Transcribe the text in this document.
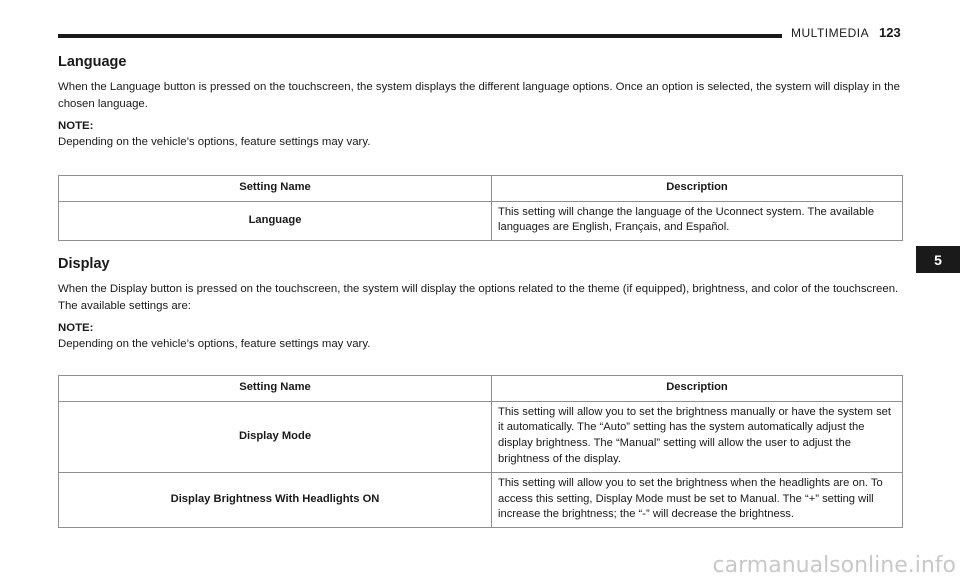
MULTIMEDIA 123
Language

When the Language button is pressed on the touchscreen, the system displays the different language options. Once an option is selected, the system will display in the chosen language.

NOTE:

Depending on the vehicle’s options, feature settings may vary.

Setting Name	Description
Language	This setting will change the language of the Uconnect system. The available languages are English, Français, and Español.
Display

When the Display button is pressed on the touchscreen, the system will display the options related to the theme (if equipped), brightness, and color of the touchscreen. The available settings are:

NOTE:

Depending on the vehicle’s options, feature settings may vary.

Setting Name	Description
Display Mode	This setting will allow you to set the brightness manually or have the system set it automatically. The “Auto” setting has the system automatically adjust the display brightness. The “Manual” setting will allow the user to adjust the brightness of the display.
Display Brightness With Headlights ON	This setting will allow you to set the brightness when the headlights are on. To access this setting, Display Mode must be set to Manual. The “+” setting will increase the brightness; the “-” will decrease the brightness.
5
carmanualsonline.info
